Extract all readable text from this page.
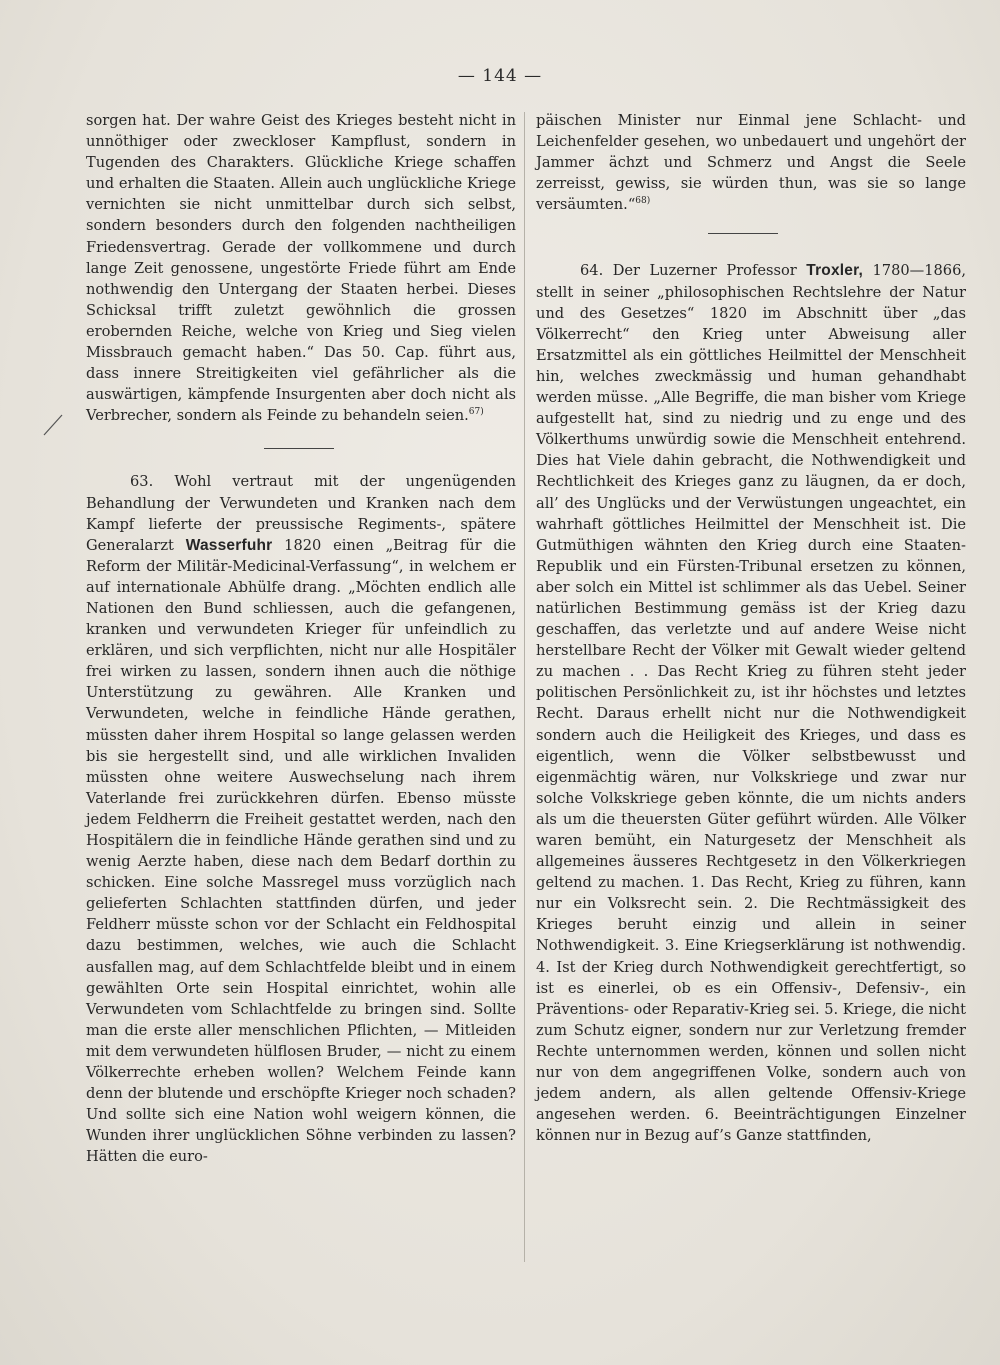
— 144 —

sorgen hat. Der wahre Geist des Krieges besteht nicht in unnöthiger oder zweckloser Kampflust, sondern in Tugenden des Charakters. Glückliche Kriege schaffen und erhalten die Staaten. Allein auch unglückliche Kriege vernichten sie nicht unmittelbar durch sich selbst, sondern besonders durch den folgenden nachtheiligen Friedensvertrag. Gerade der vollkommene und durch lange Zeit genossene, ungestörte Friede führt am Ende nothwendig den Untergang der Staaten herbei. Dieses Schicksal trifft zuletzt gewöhnlich die grossen erobernden Reiche, welche von Krieg und Sieg vielen Missbrauch gemacht haben.“ Das 50. Cap. führt aus, dass innere Streitigkeiten viel gefährlicher als die auswärtigen, kämpfende Insurgenten aber doch nicht als Verbrecher, sondern als Feinde zu behandeln seien.$^{67)}$

63. Wohl vertraut mit der ungenügenden Behandlung der Verwundeten und Kranken nach dem Kampf lieferte der preussische Regiments-, spätere Generalarzt Wasserfuhr 1820 einen „Beitrag für die Reform der Militär-Medicinal-Verfassung“, in welchem er auf internationale Abhülfe drang. „Möchten endlich alle Nationen den Bund schliessen, auch die gefangenen, kranken und verwundeten Krieger für unfeindlich zu erklären, und sich verpflichten, nicht nur alle Hospitäler frei wirken zu lassen, sondern ihnen auch die nöthige Unterstützung zu gewähren. Alle Kranken und Verwundeten, welche in feindliche Hände gerathen, müssten daher ihrem Hospital so lange gelassen werden bis sie hergestellt sind, und alle wirklichen Invaliden müssten ohne weitere Auswechselung nach ihrem Vaterlande frei zurückkehren dürfen. Ebenso müsste jedem Feldherrn die Freiheit gestattet werden, nach den Hospitälern die in feindliche Hände gerathen sind und zu wenig Aerzte haben, diese nach dem Bedarf dorthin zu schicken. Eine solche Massregel muss vorzüglich nach gelieferten Schlachten stattfinden dürfen, und jeder Feldherr müsste schon vor der Schlacht ein Feldhospital dazu bestimmen, welches, wie auch die Schlacht ausfallen mag, auf dem Schlachtfelde bleibt und in einem gewählten Orte sein Hospital einrichtet, wohin alle Verwundeten vom Schlachtfelde zu bringen sind. Sollte man die erste aller menschlichen Pflichten, — Mitleiden mit dem verwundeten hülflosen Bruder, — nicht zu einem Völkerrechte erheben wollen? Welchem Feinde kann denn der blutende und erschöpfte Krieger noch schaden? Und sollte sich eine Nation wohl weigern können, die Wunden ihrer unglücklichen Söhne verbinden zu lassen? Hätten die euro-

päischen Minister nur Einmal jene Schlacht- und Leichenfelder gesehen, wo unbedauert und ungehört der Jammer ächzt und Schmerz und Angst die Seele zerreisst, gewiss, sie würden thun, was sie so lange versäumten.“$^{68)}$

64. Der Luzerner Professor Troxler, 1780—1866, stellt in seiner „philosophischen Rechtslehre der Natur und des Gesetzes“ 1820 im Abschnitt über „das Völkerrecht“ den Krieg unter Abweisung aller Ersatzmittel als ein göttliches Heilmittel der Menschheit hin, welches zweckmässig und human gehandhabt werden müsse. „Alle Begriffe, die man bisher vom Kriege aufgestellt hat, sind zu niedrig und zu enge und des Völkerthums unwürdig sowie die Menschheit entehrend. Dies hat Viele dahin gebracht, die Nothwendigkeit und Rechtlichkeit des Krieges ganz zu läugnen, da er doch, all’ des Unglücks und der Verwüstungen ungeachtet, ein wahrhaft göttliches Heilmittel der Menschheit ist. Die Gutmüthigen wähnten den Krieg durch eine Staaten-Republik und ein Fürsten-Tribunal ersetzen zu können, aber solch ein Mittel ist schlimmer als das Uebel. Seiner natürlichen Bestimmung gemäss ist der Krieg dazu geschaffen, das verletzte und auf andere Weise nicht herstellbare Recht der Völker mit Gewalt wieder geltend zu machen . . Das Recht Krieg zu führen steht jeder politischen Persönlichkeit zu, ist ihr höchstes und letztes Recht. Daraus erhellt nicht nur die Nothwendigkeit sondern auch die Heiligkeit des Krieges, und dass es eigentlich, wenn die Völker selbstbewusst und eigenmächtig wären, nur Volkskriege und zwar nur solche Volkskriege geben könnte, die um nichts anders als um die theuersten Güter geführt würden. Alle Völker waren bemüht, ein Naturgesetz der Menschheit als allgemeines äusseres Rechtgesetz in den Völkerkriegen geltend zu machen. 1. Das Recht, Krieg zu führen, kann nur ein Volksrecht sein. 2. Die Rechtmässigkeit des Krieges beruht einzig und allein in seiner Nothwendigkeit. 3. Eine Kriegserklärung ist nothwendig. 4. Ist der Krieg durch Nothwendigkeit gerechtfertigt, so ist es einerlei, ob es ein Offensiv-, Defensiv-, ein Präventions- oder Reparativ-Krieg sei. 5. Kriege, die nicht zum Schutz eigner, sondern nur zur Verletzung fremder Rechte unternommen werden, können und sollen nicht nur von dem angegriffenen Volke, sondern auch von jedem andern, als allen geltende Offensiv-Kriege angesehen werden. 6. Beeinträchtigungen Einzelner können nur in Bezug auf’s Ganze stattfinden,
